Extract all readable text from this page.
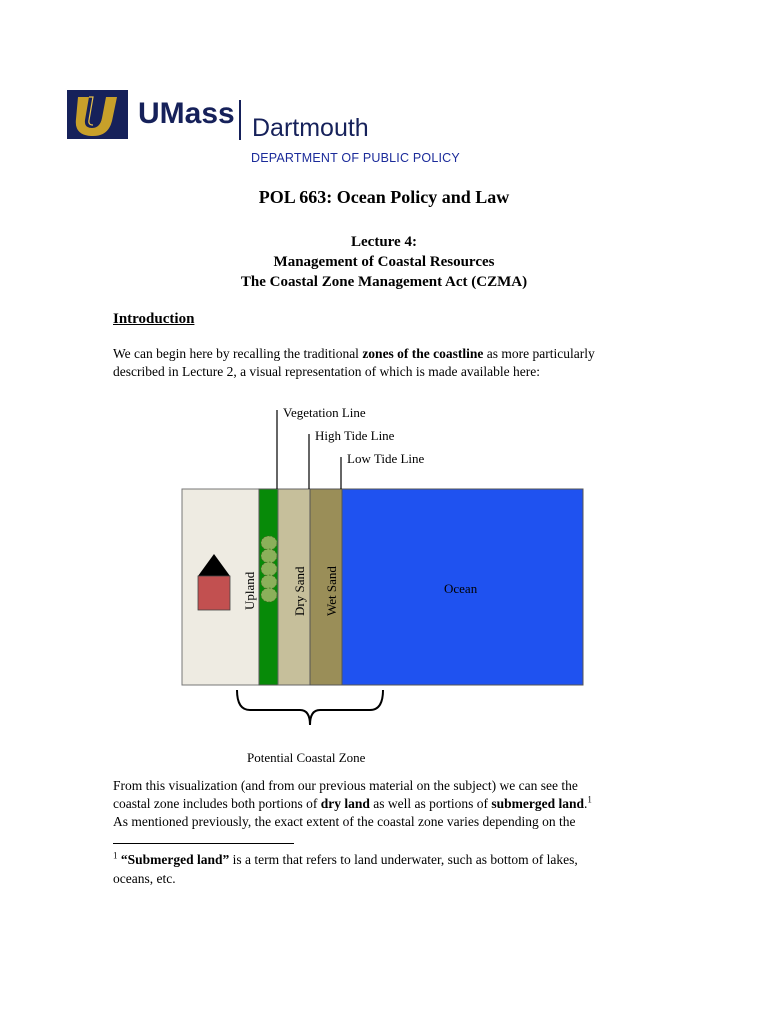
UMass Dartmouth
DEPARTMENT OF PUBLIC POLICY
POL 663: Ocean Policy and Law
Lecture 4:
Management of Coastal Resources
The Coastal Zone Management Act (CZMA)
Introduction
We can begin here by recalling the traditional zones of the coastline as more particularly
described in Lecture 2, a visual representation of which is made available here:
Vegetation Line
High Tide Line
Low Tide Line
Upland	Dry Sand Wet Sand	Ocean
Potential Coastal Zone
From this visualization (and from our previous material on the subject) we can see the
coastal zone includes both portions of dry land as well as portions of submerged land.$^1$
As mentioned previously, the exact extent of the coastal zone varies depending on the
$^1$ “Submerged land” is a term that refers to land underwater, such as bottom of lakes,
oceans, etc.
